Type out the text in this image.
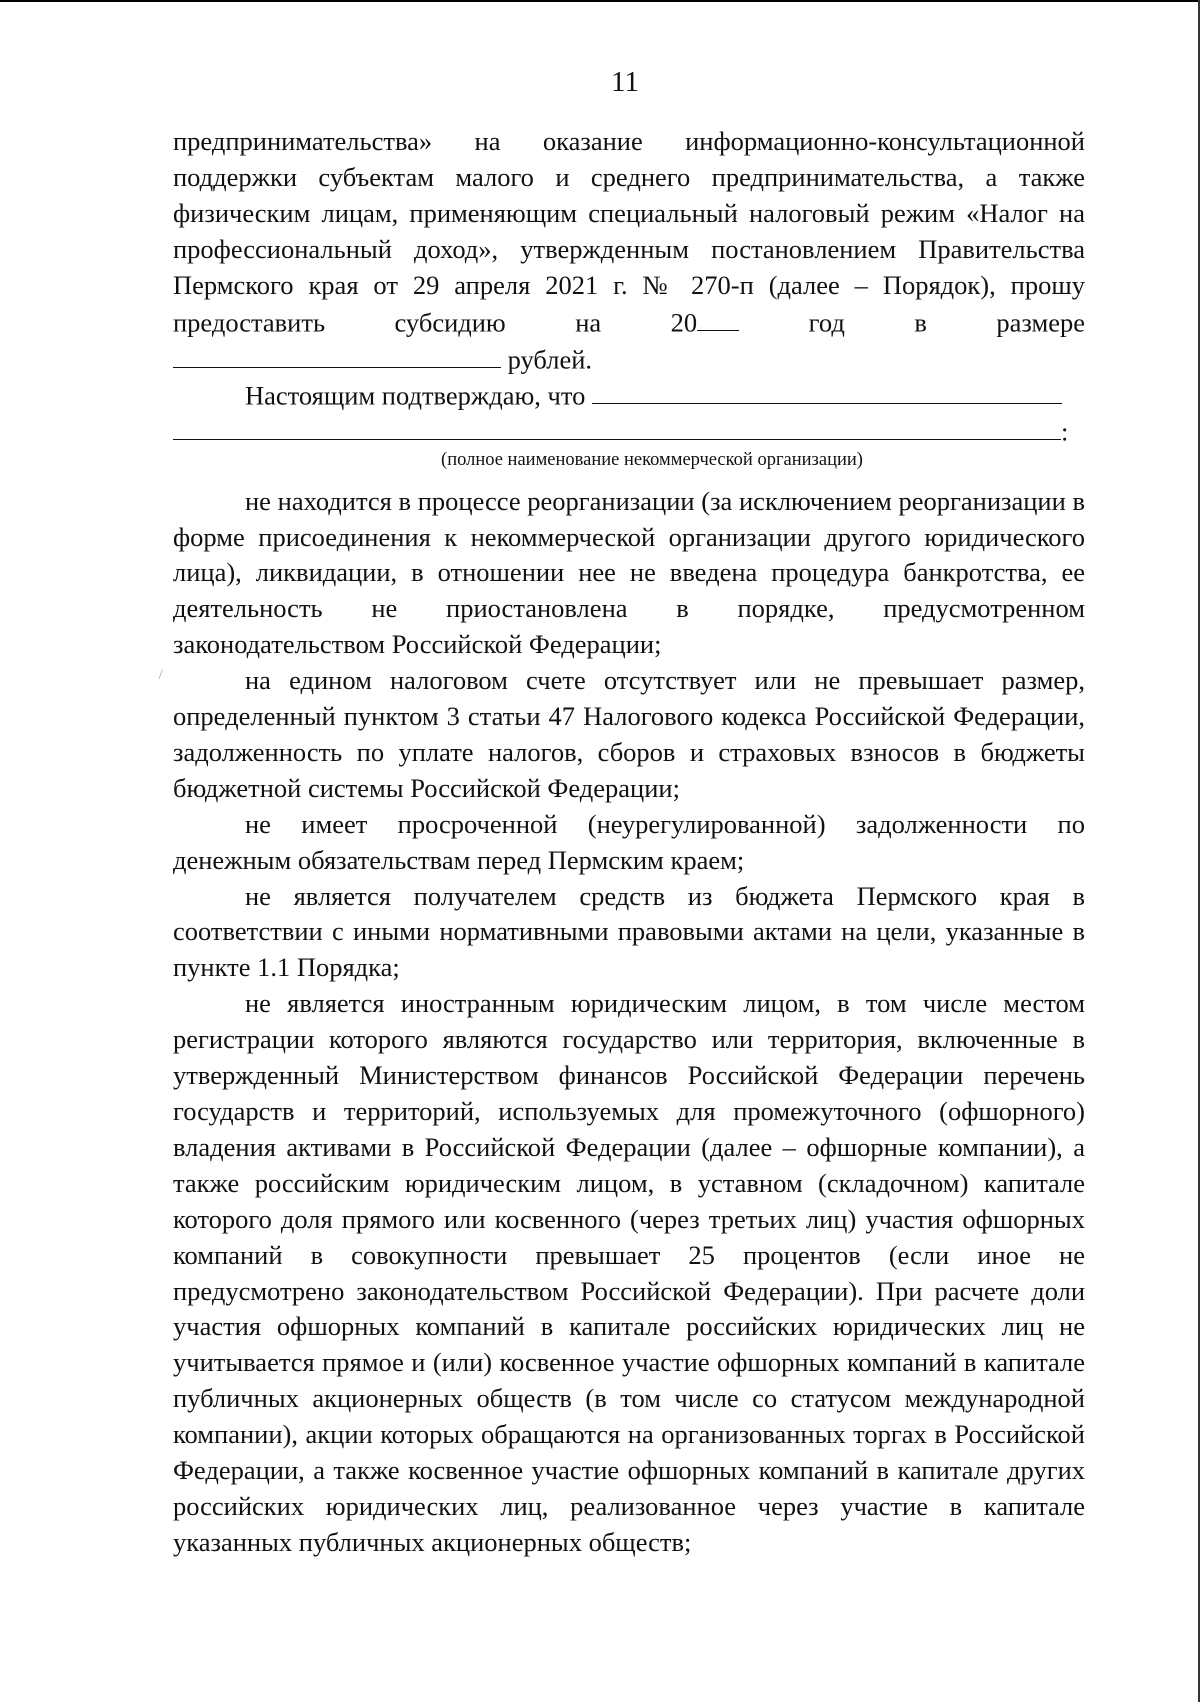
11

предпринимательства» на оказание информационно-консультационной поддержки субъектам малого и среднего предпринимательства, а также физическим лицам, применяющим специальный налоговый режим «Налог на профессиональный доход», утвержденным постановлением Правительства Пермского края от 29 апреля 2021 г. № 270-п (далее – Порядок), прошу предоставить субсидию на 20	год в размере

рублей.
Настоящим подтверждаю, что
:
(полное наименование некоммерческой организации)

не находится в процессе реорганизации (за исключением реорганизации в форме присоединения к некоммерческой организации другого юридического лица), ликвидации, в отношении нее не введена процедура банкротства, ее деятельность не приостановлена в порядке, предусмотренном законодательством Российской Федерации;

на едином налоговом счете отсутствует или не превышает размер, определенный пунктом 3 статьи 47 Налогового кодекса Российской Федерации, задолженность по уплате налогов, сборов и страховых взносов в бюджеты бюджетной системы Российской Федерации;

не имеет просроченной (неурегулированной) задолженности по денежным обязательствам перед Пермским краем;

не является получателем средств из бюджета Пермского края в соответствии с иными нормативными правовыми актами на цели, указанные в пункте 1.1 Порядка;

не является иностранным юридическим лицом, в том числе местом регистрации которого являются государство или территория, включенные в утвержденный Министерством финансов Российской Федерации перечень государств и территорий, используемых для промежуточного (офшорного) владения активами в Российской Федерации (далее – офшорные компании), а также российским юридическим лицом, в уставном (складочном) капитале которого доля прямого или косвенного (через третьих лиц) участия офшорных компаний в совокупности превышает 25 процентов (если иное не предусмотрено законодательством Российской Федерации). При расчете доли участия офшорных компаний в капитале российских юридических лиц не учитывается прямое и (или) косвенное участие офшорных компаний в капитале публичных акционерных обществ (в том числе со статусом международной компании), акции которых обращаются на организованных торгах в Российской Федерации, а также косвенное участие офшорных компаний в капитале других российских юридических лиц, реализованное через участие в капитале указанных публичных акционерных обществ;
